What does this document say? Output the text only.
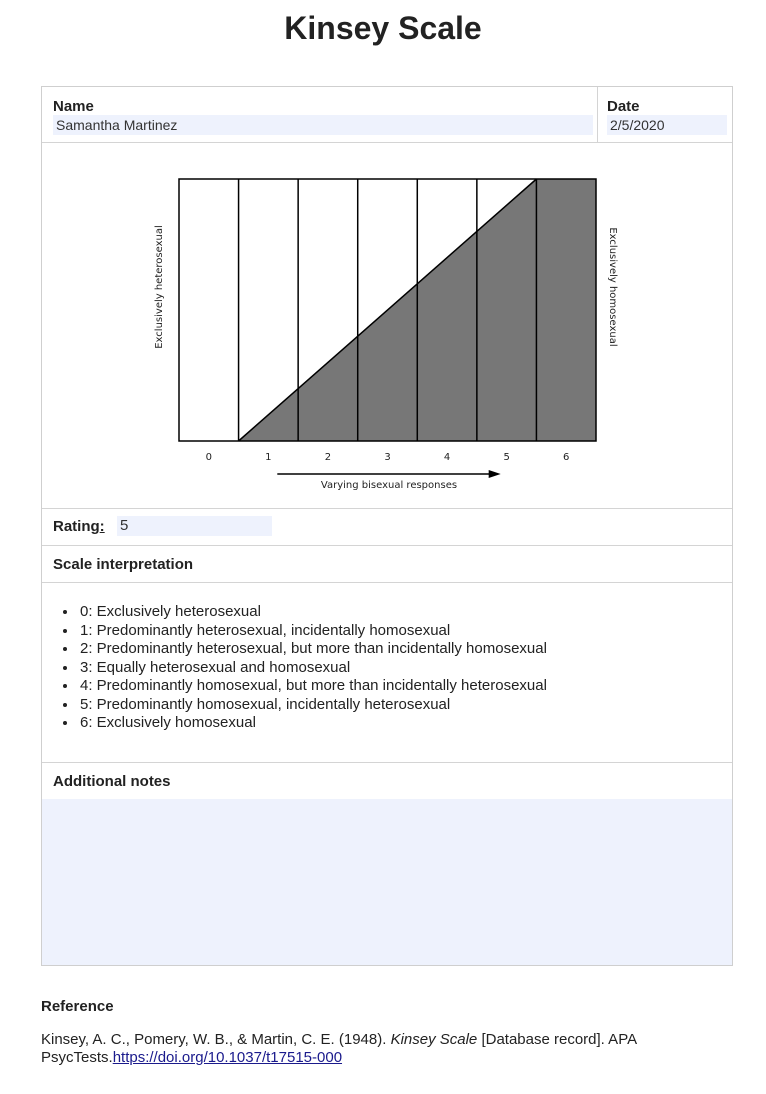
Kinsey Scale
Name
Samantha Martinez
Date
2/5/2020
0	1	2	3	4	5	6
Varying bisexual responses
Exclusively heterosexual	Exclusively homosexual
Rating: 5
Scale interpretation
• 0: Exclusively heterosexual
• 1: Predominantly heterosexual, incidentally homosexual
• 2: Predominantly heterosexual, but more than incidentally homosexual
• 3: Equally heterosexual and homosexual
• 4: Predominantly homosexual, but more than incidentally heterosexual
• 5: Predominantly homosexual, incidentally heterosexual
• 6: Exclusively homosexual
Additional notes
Reference
Kinsey, A. C., Pomery, W. B., & Martin, C. E. (1948). Kinsey Scale [Database record]. APA PsycTests.https://doi.org/10.1037/t17515-000
